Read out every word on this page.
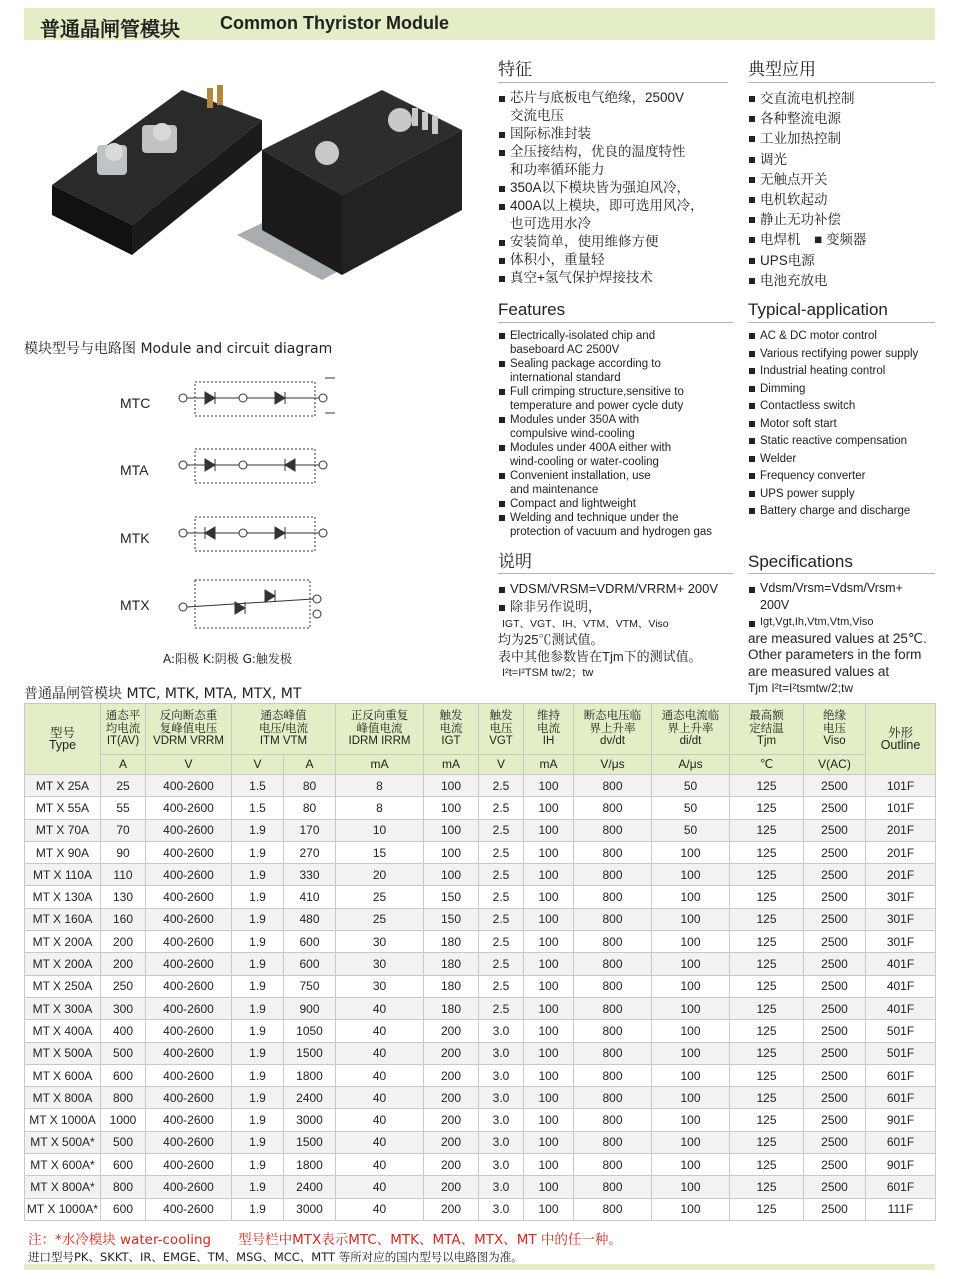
普通晶闸管模块 Common Thyristor Module
特征
芯片与底板电气绝缘，2500V
交流电压
国际标准封装
全压接结构，优良的温度特性
和功率循环能力
350A以下模块皆为强迫风冷，
400A以上模块，即可选用风冷，
也可选用水冷
安装简单，使用维修方便
体积小，重量轻
真空+氢气保护焊接技术
典型应用
交直流电机控制
各种整流电源
工业加热控制
调光
无触点开关
电机软起动
静止无功补偿
电焊机　■ 变频器
UPS电源
电池充放电
Features
Electrically-isolated chip and
baseboard AC 2500V
Sealing package according to
international standard
Full crimping structure,sensitive to
temperature and power cycle duty
Modules under 350A with
compulsive wind-cooling
Modules under 400A either with
wind-cooling or water-cooling
Convenient installation, use
and maintenance
Compact and lightweight
Welding and technique under the
protection of vacuum and hydrogen gas
Typical-application
AC & DC motor control
Various rectifying power supply
Industrial heating control
Dimming
Contactless switch
Motor soft start
Static reactive compensation
Welder
Frequency converter
UPS power supply
Battery charge and discharge
说明
VDSM/VRSM=VDRM/VRRM+ 200V
除非另作说明，

IGT、VGT、IH、VTM、VTM、Viso

均为25℃测试值。

表中其他参数皆在Tjm下的测试值。

I²t=I²TSM tw/2；tw

Specifications
Vdsm/Vrsm=Vdsm/Vrsm+ 200V
Igt,Vgt,Ih,Vtm,Vtm,Viso

are measured values at 25℃.

Other parameters in the form

are measured values at

Tjm I²t=I²tsmtw/2;tw

模块型号与电路图 Module and circuit diagram
MTC
MTA
MTK
MTX
A:阳极 K:阴极 G:触发极
普通晶闸管模块 MTC, MTK, MTA, MTX, MT
型号
Type	通态平
均电流
IT(AV)	反向断态重
复峰值电压
VDRM VRRM	通态峰值
电压/电流
ITM VTM		正反向重复
峰值电流
IDRM IRRM	触发
电流
IGT	触发
电压
VGT	维持
电流
IH	断态电压临
界上升率
dv/dt	通态电流临
界上升率
di/dt	最高额
定结温
Tjm	绝缘
电压
Viso	外形
Outline
	A	V	V	A	mA	mA	V	mA	V/μs	A/μs	℃	V(AC)	
MT X 25A	25	400-2600	1.5	80	8	100	2.5	100	800	50	125	2500	101F
MT X 55A	55	400-2600	1.5	80	8	100	2.5	100	800	50	125	2500	101F
MT X 70A	70	400-2600	1.9	170	10	100	2.5	100	800	50	125	2500	201F
MT X 90A	90	400-2600	1.9	270	15	100	2.5	100	800	100	125	2500	201F
MT X 110A	110	400-2600	1.9	330	20	100	2.5	100	800	100	125	2500	201F
MT X 130A	130	400-2600	1.9	410	25	150	2.5	100	800	100	125	2500	301F
MT X 160A	160	400-2600	1.9	480	25	150	2.5	100	800	100	125	2500	301F
MT X 200A	200	400-2600	1.9	600	30	180	2.5	100	800	100	125	2500	301F
MT X 200A	200	400-2600	1.9	600	30	180	2.5	100	800	100	125	2500	401F
MT X 250A	250	400-2600	1.9	750	30	180	2.5	100	800	100	125	2500	401F
MT X 300A	300	400-2600	1.9	900	40	180	2.5	100	800	100	125	2500	401F
MT X 400A	400	400-2600	1.9	1050	40	200	3.0	100	800	100	125	2500	501F
MT X 500A	500	400-2600	1.9	1500	40	200	3.0	100	800	100	125	2500	501F
MT X 600A	600	400-2600	1.9	1800	40	200	3.0	100	800	100	125	2500	601F
MT X 800A	800	400-2600	1.9	2400	40	200	3.0	100	800	100	125	2500	601F
MT X 1000A	1000	400-2600	1.9	3000	40	200	3.0	100	800	100	125	2500	901F
MT X 500A*	500	400-2600	1.9	1500	40	200	3.0	100	800	100	125	2500	601F
MT X 600A*	600	400-2600	1.9	1800	40	200	3.0	100	800	100	125	2500	901F
MT X 800A*	800	400-2600	1.9	2400	40	200	3.0	100	800	100	125	2500	601F
MT X 1000A*	600	400-2600	1.9	3000	40	200	3.0	100	800	100	125	2500	111F
注：*水冷模块 water-cooling　　型号栏中MTX表示MTC、MTK、MTA、MTX、MT 中的任一种。
进口型号PK、SKKT、IR、EMGE、TM、MSG、MCC、MTT 等所对应的国内型号以电路图为准。
